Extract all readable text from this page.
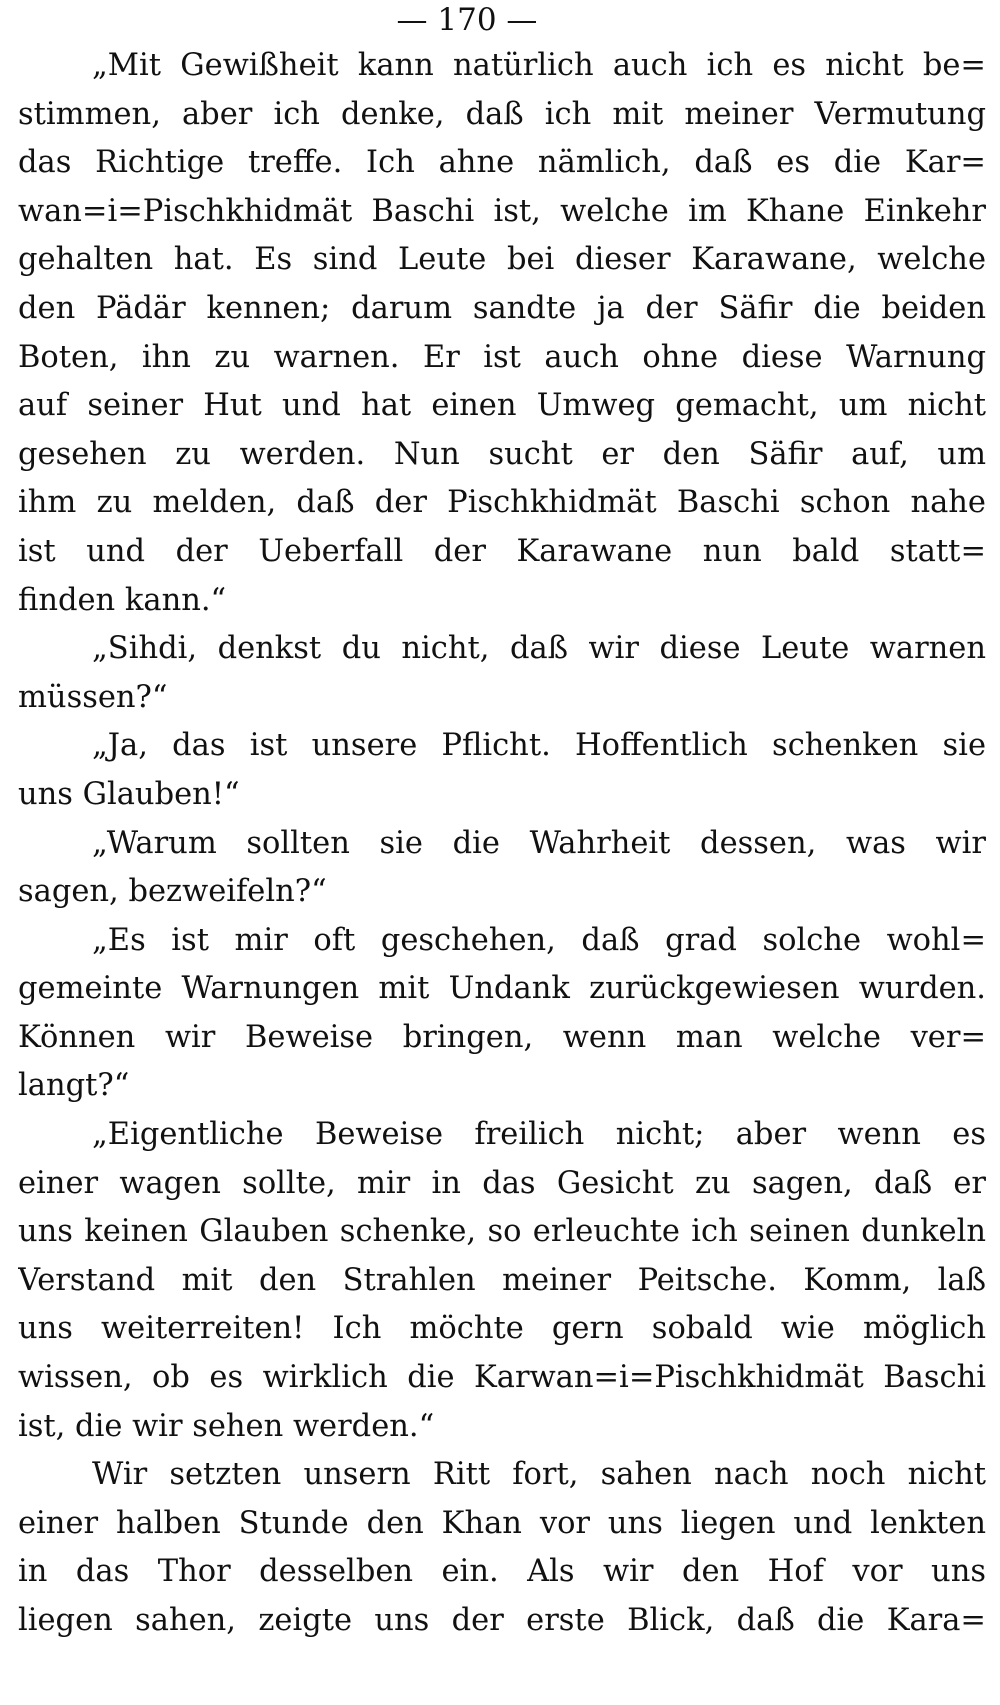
— 170 —
„Mit Gewißheit kann natürlich auch ich es nicht be=
stimmen, aber ich denke, daß ich mit meiner Vermutung
das Richtige treffe. Ich ahne nämlich, daß es die Kar=
wan=i=Pischkhidmät Baschi ist, welche im Khane Einkehr
gehalten hat. Es sind Leute bei dieser Karawane, welche
den Pädär kennen; darum sandte ja der Säfir die beiden
Boten, ihn zu warnen. Er ist auch ohne diese Warnung
auf seiner Hut und hat einen Umweg gemacht, um nicht
gesehen zu werden. Nun sucht er den Säfir auf, um
ihm zu melden, daß der Pischkhidmät Baschi schon nahe
ist und der Ueberfall der Karawane nun bald statt=
finden kann.“
„Sihdi, denkst du nicht, daß wir diese Leute warnen
müssen?“
„Ja, das ist unsere Pflicht. Hoffentlich schenken sie
uns Glauben!“
„Warum sollten sie die Wahrheit dessen, was wir
sagen, bezweifeln?“
„Es ist mir oft geschehen, daß grad solche wohl=
gemeinte Warnungen mit Undank zurückgewiesen wurden.
Können wir Beweise bringen, wenn man welche ver=
langt?“
„Eigentliche Beweise freilich nicht; aber wenn es
einer wagen sollte, mir in das Gesicht zu sagen, daß er
uns keinen Glauben schenke, so erleuchte ich seinen dunkeln
Verstand mit den Strahlen meiner Peitsche. Komm, laß
uns weiterreiten! Ich möchte gern sobald wie möglich
wissen, ob es wirklich die Karwan=i=Pischkhidmät Baschi
ist, die wir sehen werden.“
Wir setzten unsern Ritt fort, sahen nach noch nicht
einer halben Stunde den Khan vor uns liegen und lenkten
in das Thor desselben ein. Als wir den Hof vor uns
liegen sahen, zeigte uns der erste Blick, daß die Kara=
